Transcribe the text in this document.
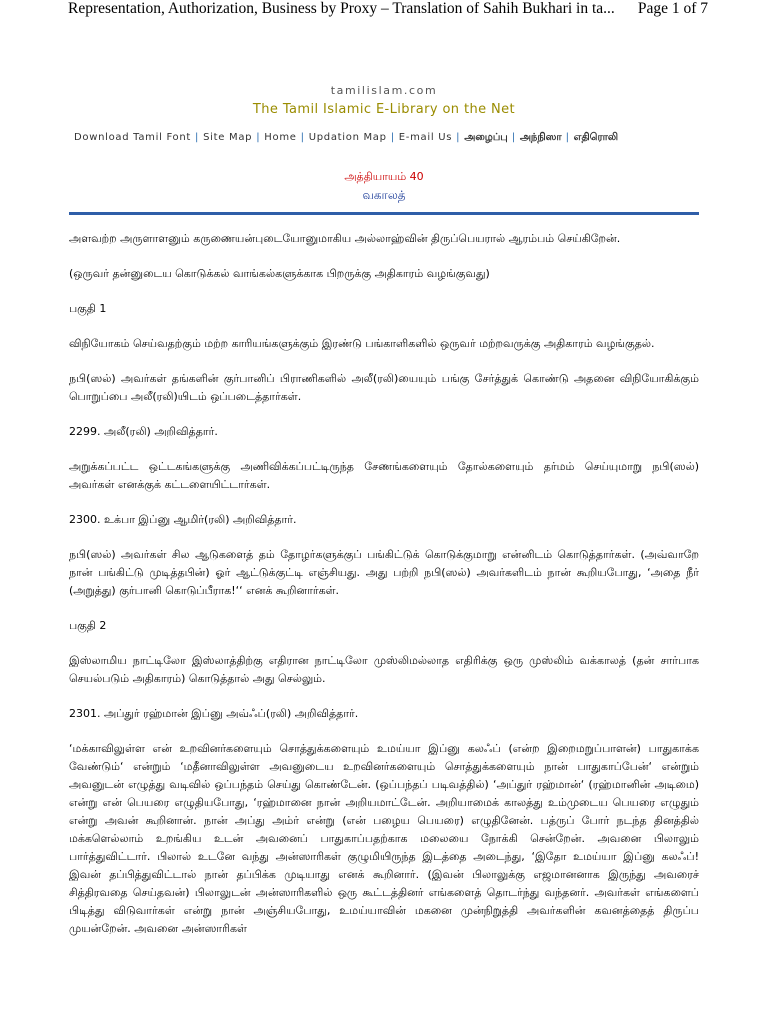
Representation, Authorization, Business by Proxy – Translation of Sahih Bukhari in ta... Page 1 of 7
tamilislam.com
The Tamil Islamic E-Library on the Net
Download Tamil Font | Site Map | Home | Updation Map | E-mail Us | அழைப்பு | அந்நிஸா | எதிரொலி
அத்தியாயம் 40
வகாலத்

அளவற்ற அருளாளனும் கருணையன்புடையோனுமாகிய அல்லாஹ்வின் திருப்பெயரால் ஆரம்பம் செய்கிறேன்.

(ஒருவர் தன்னுடைய கொடுக்கல் வாங்கல்களுக்காக பிறருக்கு அதிகாரம் வழங்குவது)

பகுதி 1

விநியோகம் செய்வதற்கும் மற்ற காரியங்களுக்கும் இரண்டு பங்காளிகளில் ஒருவர் மற்றவருக்கு அதிகாரம் வழங்குதல்.

நபி(ஸல்) அவர்கள் தங்களின் குர்பானிப் பிராணிகளில் அலீ(ரலி)யையும் பங்கு சேர்த்துக் கொண்டு அதனை விநியோகிக்கும் பொறுப்பை அலீ(ரலி)யிடம் ஒப்படைத்தார்கள்.

2299. அலீ(ரலி) அறிவித்தார்.

அறுக்கப்பட்ட ஒட்டகங்களுக்கு அணிவிக்கப்பட்டிருந்த சேணங்களையும் தோல்களையும் தர்மம் செய்யுமாறு நபி(ஸல்) அவர்கள் எனக்குக் கட்டளையிட்டார்கள்.

2300. உக்பா இப்னு ஆமிர்(ரலி) அறிவித்தார்.

நபி(ஸல்) அவர்கள் சில ஆடுகளைத் தம் தோழர்களுக்குப் பங்கிட்டுக் கொடுக்குமாறு என்னிடம் கொடுத்தார்கள். (அவ்வாறே நான் பங்கிட்டு முடித்தபின்) ஓர் ஆட்டுக்குட்டி எஞ்சியது. அது பற்றி நபி(ஸல்) அவர்களிடம் நான் கூறியபோது, ‘அதை நீர் (அறுத்து) குர்பானி கொடுப்பீராக!‘‘ எனக் கூறினார்கள்.

பகுதி 2

இஸ்லாமிய நாட்டிலோ இஸ்லாத்திற்கு எதிரான நாட்டிலோ முஸ்லிமல்லாத எதிரிக்கு ஒரு முஸ்லிம் வக்காலத் (தன் சார்பாக செயல்படும் அதிகாரம்) கொடுத்தால் அது செல்லும்.

2301. அப்துர் ரஹ்மான் இப்னு அவ்ஃப்(ரலி) அறிவித்தார்.

‘மக்காவிலுள்ள என் உறவினர்களையும் சொத்துக்களையும் உமய்யா இப்னு கலஃப் (என்ற இறைமறுப்பாளன்) பாதுகாக்க வேண்டும்‘ என்றும் ‘மதீனாவிலுள்ள அவனுடைய உறவினர்களையும் சொத்துக்களையும் நான் பாதுகாப்பேன்‘ என்றும் அவனுடன் எழுத்து வடிவில் ஒப்பந்தம் செய்து கொண்டேன். (ஒப்பந்தப் படிவத்தில்) ‘அப்துர் ரஹ்மான்‘ (ரஹ்மானின் அடிமை) என்று என் பெயரை எழுதியபோது, ‘ரஹ்மானை நான் அறியமாட்டேன். அறியாமைக் காலத்து உம்முடைய பெயரை எழுதும் என்று அவன் கூறினான். நான் அப்து அம்ர் என்று (என் பழைய பெயரை) எழுதினேன். பத்ருப் போர் நடந்த தினத்தில் மக்களெல்லாம் உறங்கிய உடன் அவனைப் பாதுகாப்பதற்காக மலையை நோக்கி சென்றேன். அவனை பிலாலும் பார்த்துவிட்டார். பிலால் உடனே வந்து அன்ஸாரிகள் குழுமியிருந்த இடத்தை அடைந்து, ‘இதோ உமய்யா இப்னு கலஃப்! இவன் தப்பித்துவிட்டால் நான் தப்பிக்க முடியாது எனக் கூறினார். (இவன் பிலாலுக்கு எஜமானனாக இருந்து அவரைச் சித்திரவதை செய்தவன்) பிலாலுடன் அன்ஸாரிகளில் ஒரு கூட்டத்தினர் எங்களைத் தொடர்ந்து வந்தனர். அவர்கள் எங்களைப் பிடித்து விடுவார்கள் என்று நான் அஞ்சியபோது, உமய்யாவின் மகனை முன்நிறுத்தி அவர்களின் கவனத்தைத் திருப்ப முயன்றேன். அவனை அன்ஸாரிகள்
